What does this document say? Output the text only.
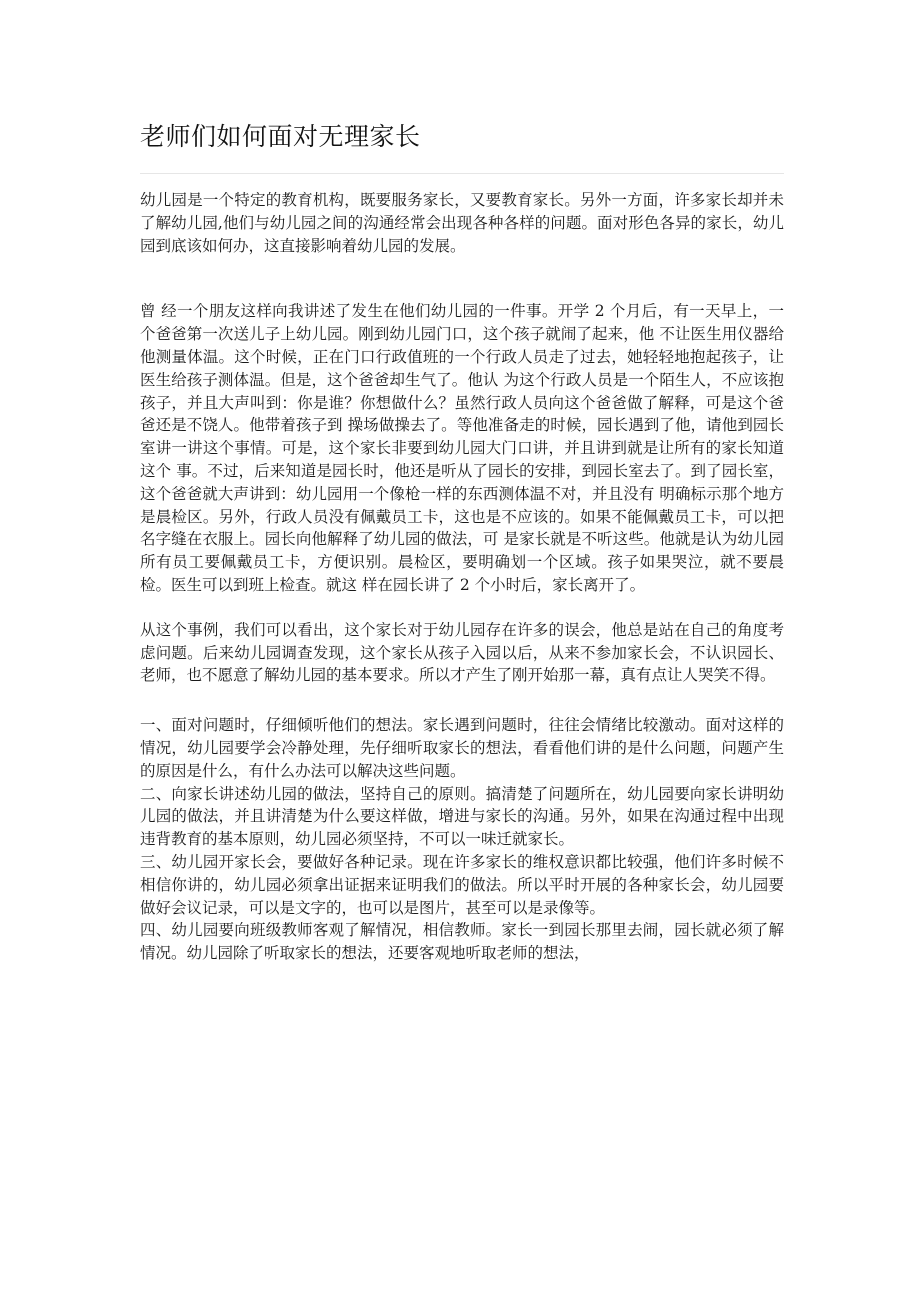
老师们如何面对无理家长

幼儿园是一个特定的教育机构，既要服务家长，又要教育家长。另外一方面，许多家长却并未了解幼儿园,他们与幼儿园之间的沟通经常会出现各种各样的问题。面对形色各异的家长，幼儿园到底该如何办，这直接影响着幼儿园的发展。

曾 经一个朋友这样向我讲述了发生在他们幼儿园的一件事。开学 2 个月后，有一天早上，一个爸爸第一次送儿子上幼儿园。刚到幼儿园门口，这个孩子就闹了起来，他 不让医生用仪器给他测量体温。这个时候，正在门口行政值班的一个行政人员走了过去，她轻轻地抱起孩子，让医生给孩子测体温。但是，这个爸爸却生气了。他认 为这个行政人员是一个陌生人，不应该抱孩子，并且大声叫到：你是谁？你想做什么？虽然行政人员向这个爸爸做了解释，可是这个爸爸还是不饶人。他带着孩子到 操场做操去了。等他准备走的时候，园长遇到了他，请他到园长室讲一讲这个事情。可是，这个家长非要到幼儿园大门口讲，并且讲到就是让所有的家长知道这个 事。不过，后来知道是园长时，他还是听从了园长的安排，到园长室去了。到了园长室，这个爸爸就大声讲到：幼儿园用一个像枪一样的东西测体温不对，并且没有 明确标示那个地方是晨检区。另外，行政人员没有佩戴员工卡，这也是不应该的。如果不能佩戴员工卡，可以把名字缝在衣服上。园长向他解释了幼儿园的做法，可 是家长就是不听这些。他就是认为幼儿园所有员工要佩戴员工卡，方便识别。晨检区，要明确划一个区域。孩子如果哭泣，就不要晨检。医生可以到班上检查。就这 样在园长讲了 2 个小时后，家长离开了。

从这个事例，我们可以看出，这个家长对于幼儿园存在许多的误会，他总是站在自己的角度考虑问题。后来幼儿园调查发现，这个家长从孩子入园以后，从来不参加家长会，不认识园长、老师，也不愿意了解幼儿园的基本要求。所以才产生了刚开始那一幕，真有点让人哭笑不得。

一、面对问题时，仔细倾听他们的想法。家长遇到问题时，往往会情绪比较激动。面对这样的情况，幼儿园要学会冷静处理，先仔细听取家长的想法，看看他们讲的是什么问题，问题产生的原因是什么，有什么办法可以解决这些问题。

二、向家长讲述幼儿园的做法，坚持自己的原则。搞清楚了问题所在，幼儿园要向家长讲明幼儿园的做法，并且讲清楚为什么要这样做，增进与家长的沟通。另外，如果在沟通过程中出现违背教育的基本原则，幼儿园必须坚持，不可以一味迁就家长。

三、幼儿园开家长会，要做好各种记录。现在许多家长的维权意识都比较强，他们许多时候不相信你讲的，幼儿园必须拿出证据来证明我们的做法。所以平时开展的各种家长会，幼儿园要做好会议记录，可以是文字的，也可以是图片，甚至可以是录像等。

四、幼儿园要向班级教师客观了解情况，相信教师。家长一到园长那里去闹，园长就必须了解情况。幼儿园除了听取家长的想法，还要客观地听取老师的想法，
